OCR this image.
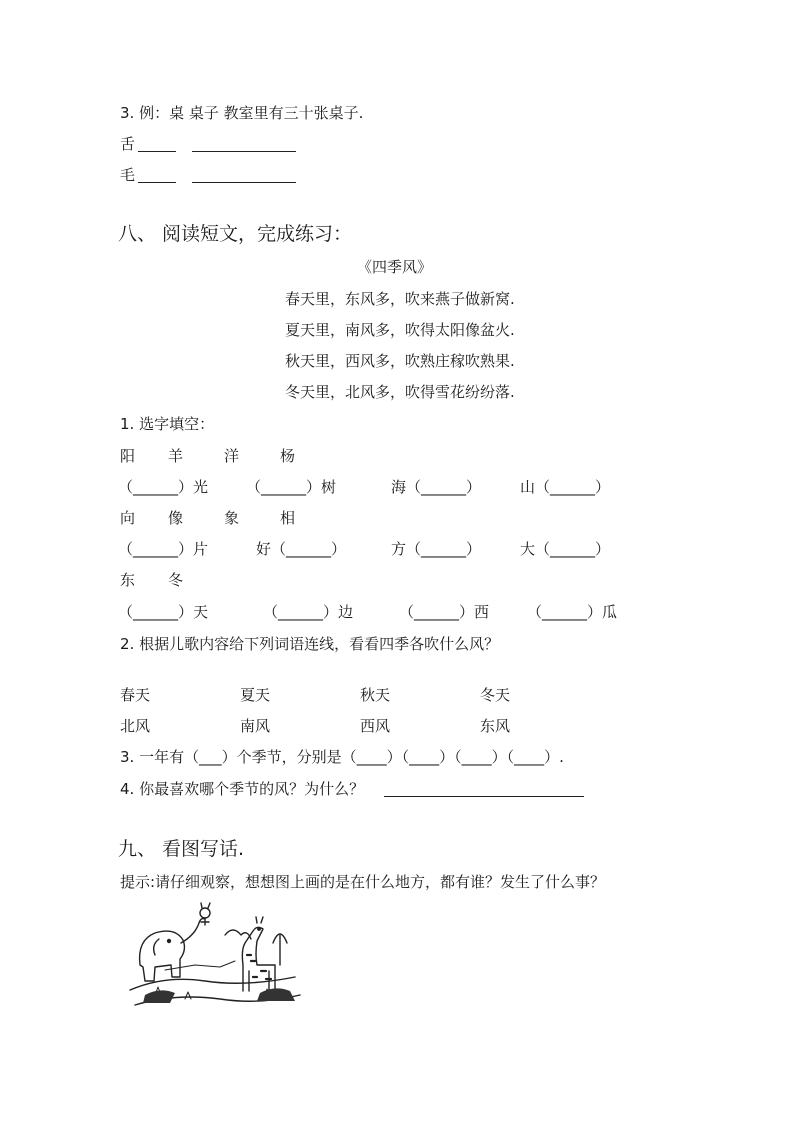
3. 例：桌 桌子 教室里有三十张桌子.
舌
毛
八、 阅读短文，完成练习：
《四季风》
春天里，东风多，吹来燕子做新窝.
夏天里，南风多，吹得太阳像盆火.
秋天里，西风多，吹熟庄稼吹熟果.
冬天里，北风多，吹得雪花纷纷落.
1. 选字填空：
阳 羊	洋	杨
（______）光	（______）树	海（______）	山（______）
向 像	象	相
（______）片	好（______）	方（______）	大（______）
东 冬
（______）天	（______）边	（______）西	（______）瓜
2. 根据儿歌内容给下列词语连线，看看四季各吹什么风？
春天	夏天	秋天	冬天
北风	南风	西风	东风
3. 一年有（___）个季节，分别是（____）（____）（____）（____）.
4. 你最喜欢哪个季节的风？为什么？
九、 看图写话.
提示:请仔细观察，想想图上画的是在什么地方，都有谁？发生了什么事？
